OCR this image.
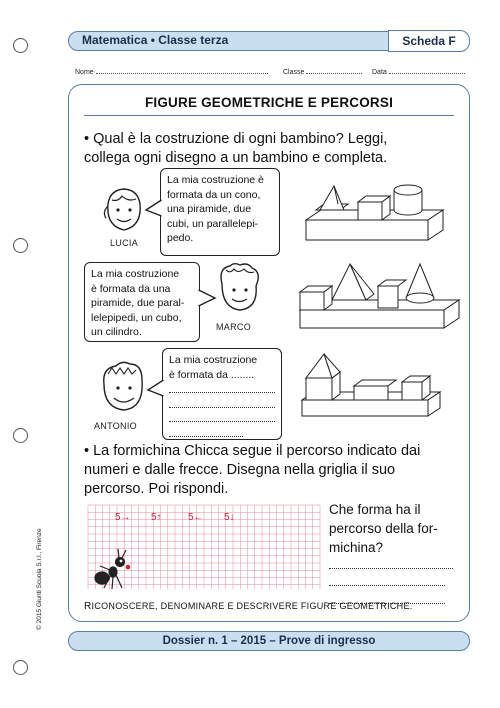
Matematica • Classe terza	Scheda F
Nome	Classe	Data
FIGURE GEOMETRICHE E PERCORSI
• Qual è la costruzione di ogni bambino? Leggi,
collega ogni disegno a un bambino e completa.
LUCIA
La mia costruzione è
formata da un cono,
una piramide, due
cubi, un parallelepi-
pedo.
La mia costruzione
è formata da una
piramide, due paral-
lelepipedi, un cubo,
un cilindro.	MARCO
ANTONIO
La mia costruzione
è formata da ........
• La formichina Chicca segue il percorso indicato dai
numeri e dalle frecce. Disegna nella griglia il suo
percorso. Poi rispondi.
5→ 5↑	5← 5↓
Che forma ha il
percorso della for-
michina?
RICONOSCERE, DENOMINARE E DESCRIVERE FIGURE GEOMETRICHE.
Dossier n. 1 – 2015 – Prove di ingresso
© 2015 Giunti Scuola S.r.l., Firenze
